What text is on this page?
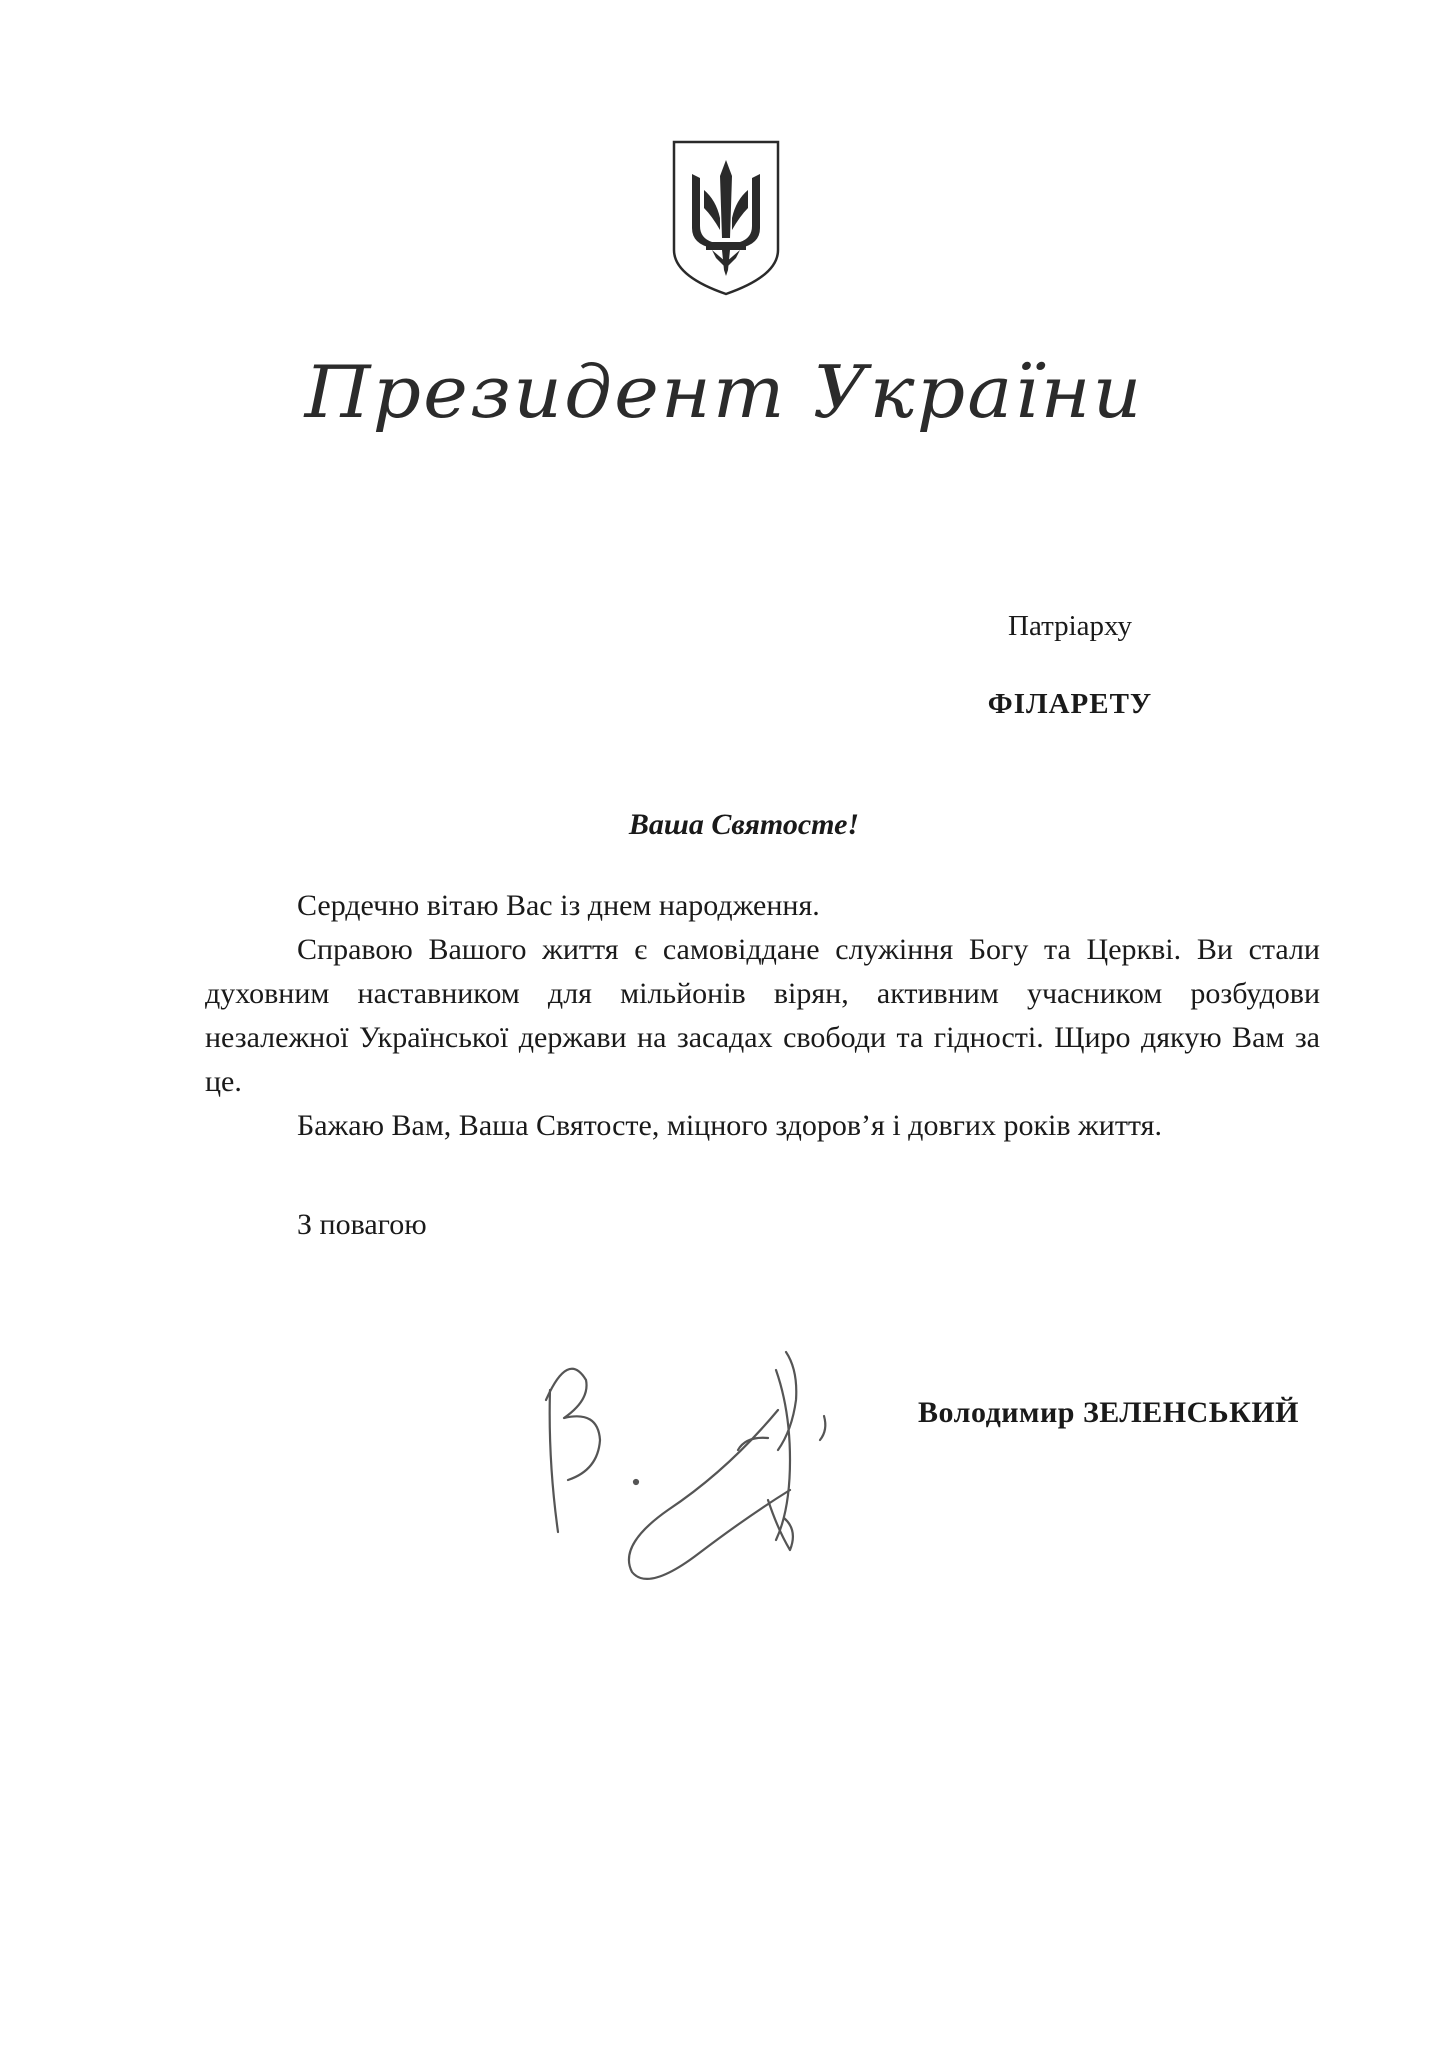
Президент України
Патріарху
ФІЛАРЕТУ
Ваша Святосте!

Сердечно вітаю Вас із днем народження.

Справою Вашого життя є самовіддане служіння Богу та Церкві. Ви стали духовним наставником для мільйонів вірян, активним учасником розбудови незалежної Української держави на засадах свободи та гідності. Щиро дякую Вам за це.

Бажаю Вам, Ваша Святосте, міцного здоров’я і довгих років життя.

З повагою
Володимир ЗЕЛЕНСЬКИЙ
